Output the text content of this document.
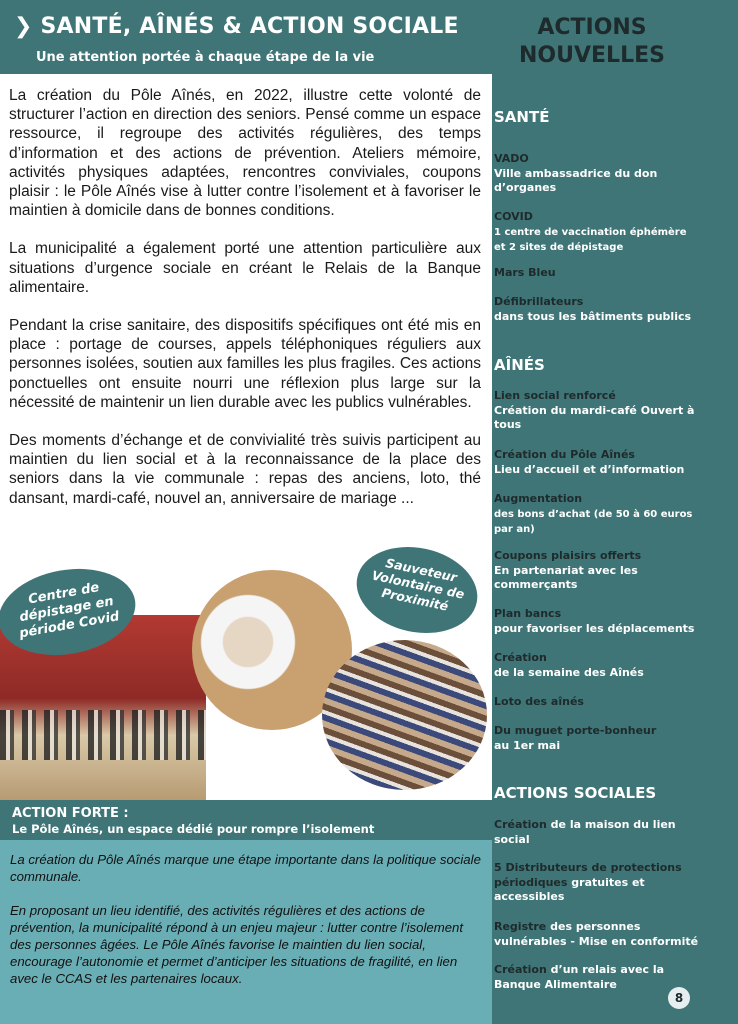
❯ SANTÉ, AÎNÉS & ACTION SOCIALE
Une attention portée à chaque étape de la vie

La création du Pôle Aînés, en 2022, illustre cette volonté de structurer l’action en direction des seniors. Pensé comme un espace ressource, il regroupe des activités régulières, des temps d’information et des actions de prévention. Ateliers mémoire, activités physiques adaptées, rencontres conviviales, coupons plaisir : le Pôle Aînés vise à lutter contre l’isolement et à favoriser le maintien à domicile dans de bonnes conditions.

La municipalité a également porté une attention particulière aux situations d’urgence sociale en créant le Relais de la Banque alimentaire.

Pendant la crise sanitaire, des dispositifs spécifiques ont été mis en place : portage de courses, appels téléphoniques réguliers aux personnes isolées, soutien aux familles les plus fragiles. Ces actions ponctuelles ont ensuite nourri une réflexion plus large sur la nécessité de maintenir un lien durable avec les publics vulnérables.

Des moments d’échange et de convivialité très suivis participent au maintien du lien social et à la reconnaissance de la place des seniors dans la vie communale : repas des anciens, loto, thé dansant, mardi-café, nouvel an, anniversaire de mariage ...

Centre de dépistage en période Covid
Sauveteur Volontaire de Proximité
ACTION FORTE :
Le Pôle Aînés, un espace dédié pour rompre l’isolement

La création du Pôle Aînés marque une étape importante dans la politique sociale communale.

En proposant un lieu identifié, des activités régulières et des actions de prévention, la municipalité répond à un enjeu majeur : lutter contre l’isolement des personnes âgées. Le Pôle Aînés favorise le maintien du lien social, encourage l’autonomie et permet d’anticiper les situations de fragilité, en lien avec le CCAS et les partenaires locaux.

ACTIONS NOUVELLES
SANTÉ
VADO
Ville ambassadrice du don d’organes
COVID
1 centre de vaccination éphémère et 2 sites de dépistage
Mars Bleu
Défibrillateurs
dans tous les bâtiments publics
AÎNÉS
Lien social renforcé
Création du mardi-café Ouvert à tous
Création du Pôle Aînés
Lieu d’accueil et d’information
Augmentation
des bons d’achat (de 50 à 60 euros par an)
Coupons plaisirs offerts
En partenariat avec les commerçants
Plan bancs
pour favoriser les déplacements
Création
de la semaine des Aînés
Loto des aînés
Du muguet porte-bonheur
au 1er mai
ACTIONS SOCIALES
Création de la maison du lien social
5 Distributeurs de protections périodiques gratuites et accessibles
Registre des personnes vulnérables - Mise en conformité
Création d’un relais avec la Banque Alimentaire
8
